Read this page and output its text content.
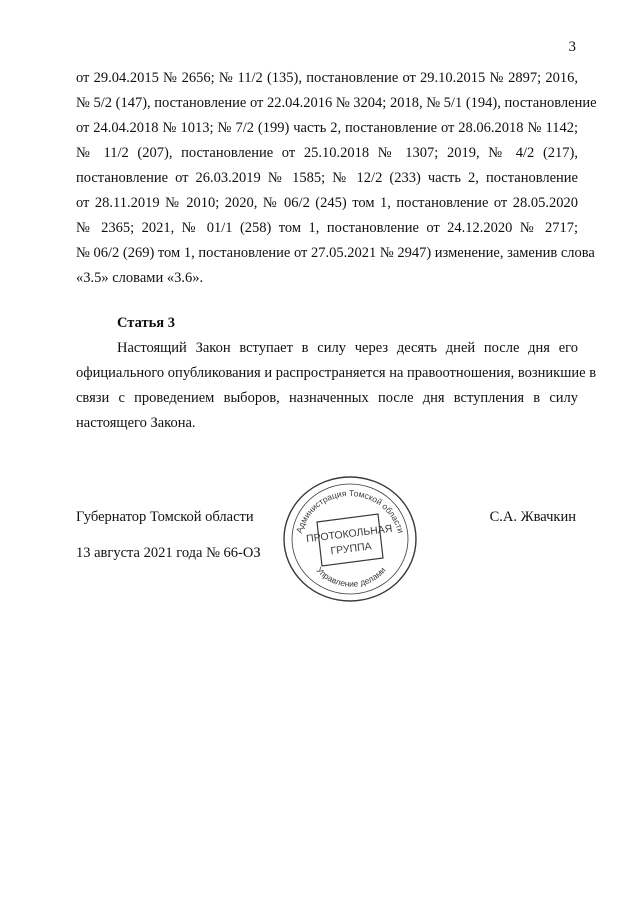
3
от 29.04.2015 № 2656; № 11/2 (135), постановление от 29.10.2015 № 2897; 2016,
№ 5/2 (147), постановление от 22.04.2016 № 3204; 2018, № 5/1 (194), постановление
от 24.04.2018 № 1013; № 7/2 (199) часть 2, постановление от 28.06.2018 № 1142;
№ 11/2 (207), постановление от 25.10.2018 № 1307; 2019, № 4/2 (217),
постановление от 26.03.2019 № 1585; № 12/2 (233) часть 2, постановление
от 28.11.2019 № 2010; 2020, № 06/2 (245) том 1, постановление от 28.05.2020
№ 2365; 2021, № 01/1 (258) том 1, постановление от 24.12.2020 № 2717;
№ 06/2 (269) том 1, постановление от 27.05.2021 № 2947) изменение, заменив слова
«3.5» словами «3.6».
Статья 3
Настоящий Закон вступает в силу через десять дней после дня его
официального опубликования и распространяется на правоотношения, возникшие в
связи с проведением выборов, назначенных после дня вступления в силу
настоящего Закона.
Губернатор Томской области	С.А. Жвачкин
13 августа 2021 года № 66-ОЗ
Администрация Томской области
Управление делами
ПРОТОКОЛЬНАЯ
ГРУППА
